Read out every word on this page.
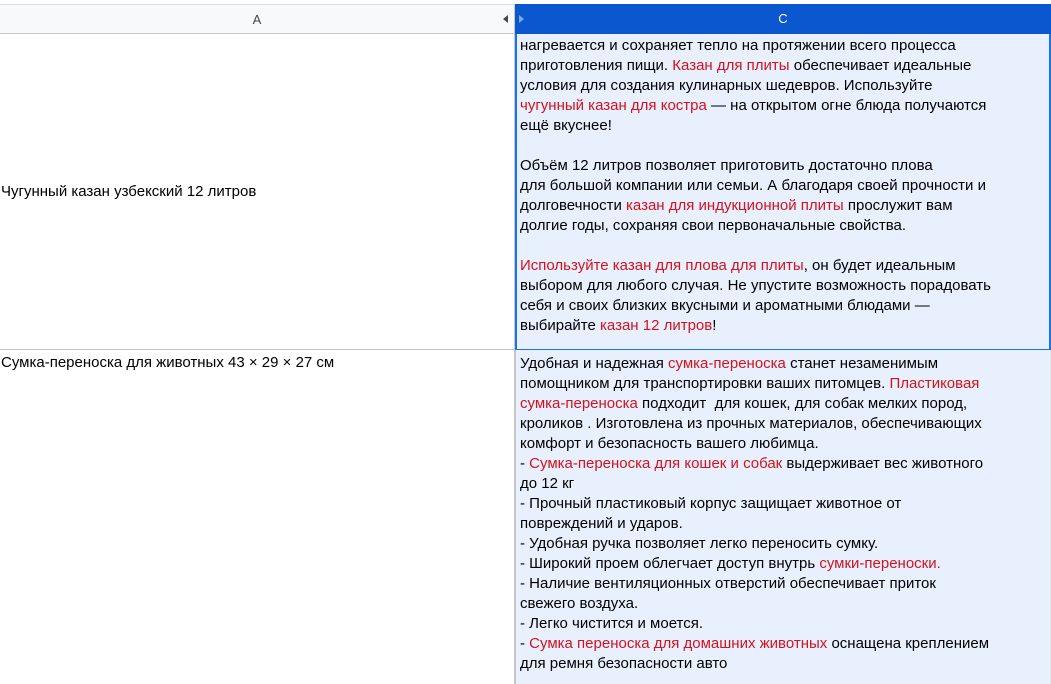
A	C
Чугунный казан узбекский 12 литров
нагревается и сохраняет тепло на протяжении всего процесса
приготовления пищи. Казан для плиты обеспечивает идеальные
условия для создания кулинарных шедевров. Используйте
чугунный казан для костра — на открытом огне блюда получаются
ещё вкуснее!
Объём 12 литров позволяет приготовить достаточно плова
для большой компании или семьи. А благодаря своей прочности и
долговечности казан для индукционной плиты прослужит вам
долгие годы, сохраняя свои первоначальные свойства.
Используйте казан для плова для плиты, он будет идеальным
выбором для любого случая. Не упустите возможность порадовать
себя и своих близких вкусными и ароматными блюдами —
выбирайте казан 12 литров!
Сумка-переноска для животных 43 × 29 × 27 см	Удобная и надежная сумка-переноска станет незаменимым
помощником для транспортировки ваших питомцев. Пластиковая
сумка-переноска подходит  для кошек, для собак мелких пород,
кроликов . Изготовлена из прочных материалов, обеспечивающих
комфорт и безопасность вашего любимца.
- Сумка-переноска для кошек и собак выдерживает вес животного
до 12 кг
- Прочный пластиковый корпус защищает животное от
повреждений и ударов.
- Удобная ручка позволяет легко переносить сумку.
- Широкий проем облегчает доступ внутрь сумки-переноски.
- Наличие вентиляционных отверстий обеспечивает приток
свежего воздуха.
- Легко чистится и моется.
- Сумка переноска для домашних животных оснащена креплением
для ремня безопасности авто
